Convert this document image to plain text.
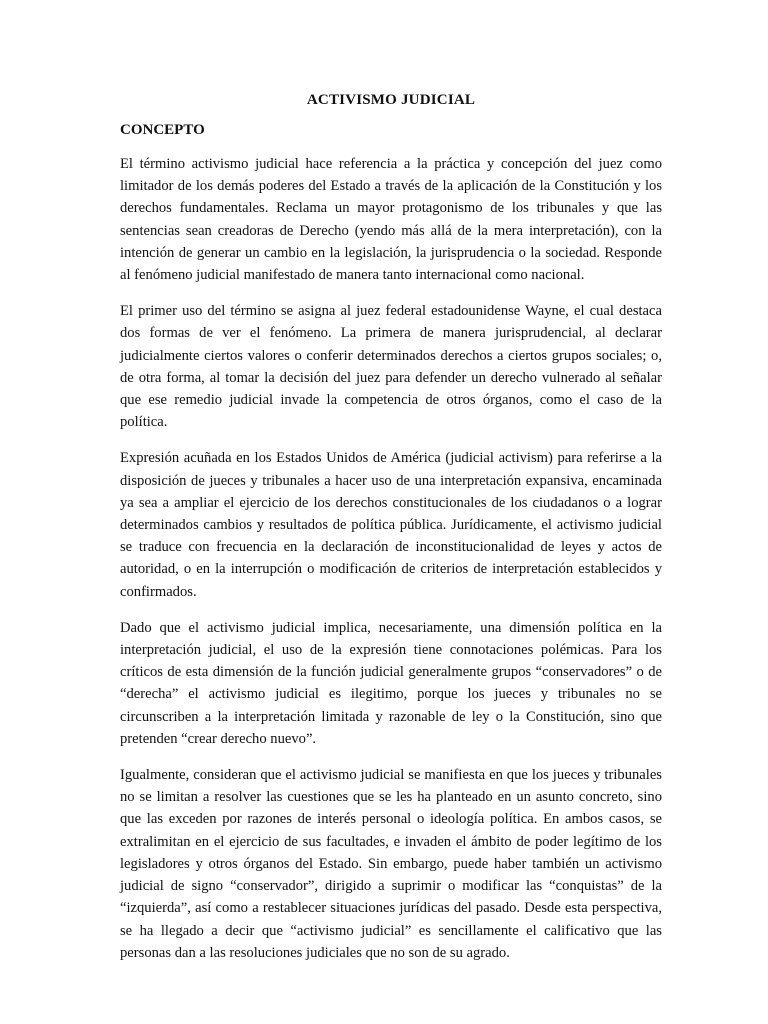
ACTIVISMO JUDICIAL
CONCEPTO

El término activismo judicial hace referencia a la práctica y concepción del juez como limitador de los demás poderes del Estado a través de la aplicación de la Constitución y los derechos fundamentales. Reclama un mayor protagonismo de los tribunales y que las sentencias sean creadoras de Derecho (yendo más allá de la mera interpretación), con la intención de generar un cambio en la legislación, la jurisprudencia o la sociedad. Responde al fenómeno judicial manifestado de manera tanto internacional como nacional.

El primer uso del término se asigna al juez federal estadounidense Wayne, el cual destaca dos formas de ver el fenómeno. La primera de manera jurisprudencial, al declarar judicialmente ciertos valores o conferir determinados derechos a ciertos grupos sociales; o, de otra forma, al tomar la decisión del juez para defender un derecho vulnerado al señalar que ese remedio judicial invade la competencia de otros órganos, como el caso de la política.

Expresión acuñada en los Estados Unidos de América (judicial activism) para referirse a la disposición de jueces y tribunales a hacer uso de una interpretación expansiva, encaminada ya sea a ampliar el ejercicio de los derechos constitucionales de los ciudadanos o a lograr determinados cambios y resultados de política pública. Jurídicamente, el activismo judicial se traduce con frecuencia en la declaración de inconstitucionalidad de leyes y actos de autoridad, o en la interrupción o modificación de criterios de interpretación establecidos y confirmados.

Dado que el activismo judicial implica, necesariamente, una dimensión política en la interpretación judicial, el uso de la expresión tiene connotaciones polémicas. Para los críticos de esta dimensión de la función judicial generalmente grupos “conservadores” o de “derecha” el activismo judicial es ilegitimo, porque los jueces y tribunales no se circunscriben a la interpretación limitada y razonable de ley o la Constitución, sino que pretenden “crear derecho nuevo”.

Igualmente, consideran que el activismo judicial se manifiesta en que los jueces y tribunales no se limitan a resolver las cuestiones que se les ha planteado en un asunto concreto, sino que las exceden por razones de interés personal o ideología política. En ambos casos, se extralimitan en el ejercicio de sus facultades, e invaden el ámbito de poder legítimo de los legisladores y otros órganos del Estado. Sin embargo, puede haber también un activismo judicial de signo “conservador”, dirigido a suprimir o modificar las “conquistas” de la “izquierda”, así como a restablecer situaciones jurídicas del pasado. Desde esta perspectiva, se ha llegado a decir que “activismo judicial” es sencillamente el calificativo que las personas dan a las resoluciones judiciales que no son de su agrado.
